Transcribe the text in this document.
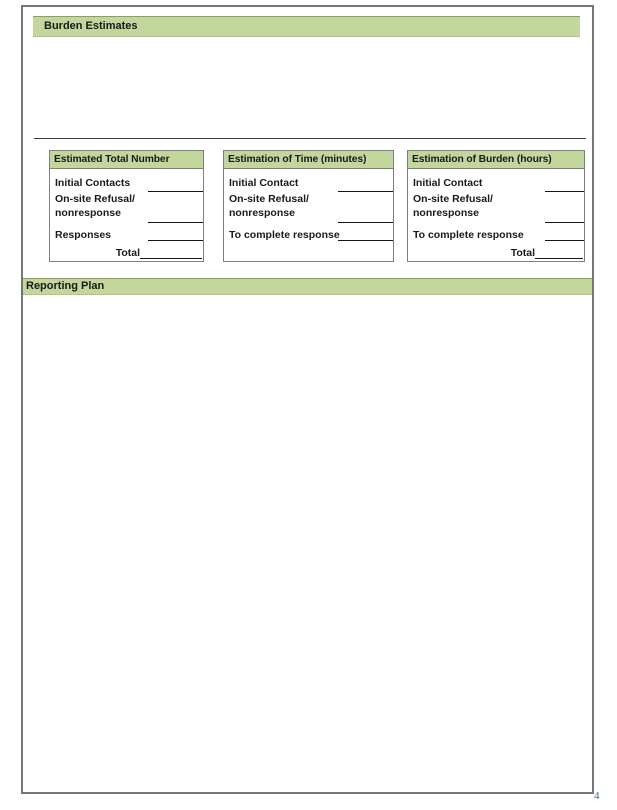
Burden Estimates
Estimated Total Number
Initial Contacts
On-site Refusal/
nonresponse
Responses
Total
Estimation of Time (minutes)
Initial Contact
On-site Refusal/
nonresponse
To complete response
Estimation of Burden (hours)
Initial Contact
On-site Refusal/
nonresponse
To complete response
Total
Reporting Plan
4
